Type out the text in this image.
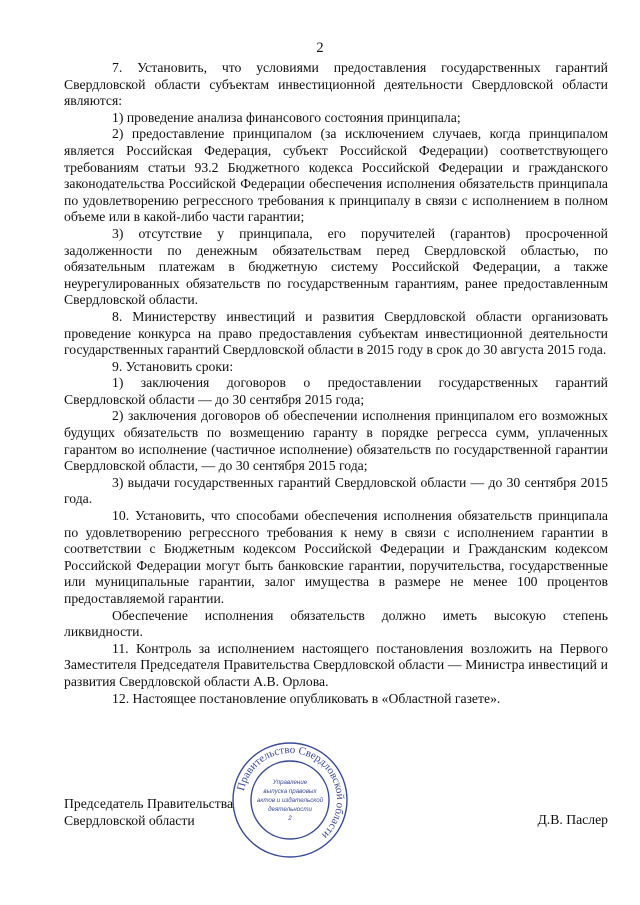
2

7. Установить, что условиями предоставления государственных гарантий Свердловской области субъектам инвестиционной деятельности Свердловской области являются:

1) проведение анализа финансового состояния принципала;

2) предоставление принципалом (за исключением случаев, когда принципалом является Российская Федерация, субъект Российской Федерации) соответствующего требованиям статьи 93.2 Бюджетного кодекса Российской Федерации и гражданского законодательства Российской Федерации обеспечения исполнения обязательств принципала по удовлетворению регрессного требования к принципалу в связи с исполнением в полном объеме или в какой-либо части гарантии;

3) отсутствие у принципала, его поручителей (гарантов) просроченной задолженности по денежным обязательствам перед Свердловской областью, по обязательным платежам в бюджетную систему Российской Федерации, а также неурегулированных обязательств по государственным гарантиям, ранее предоставленным Свердловской области.

8. Министерству инвестиций и развития Свердловской области организовать проведение конкурса на право предоставления субъектам инвестиционной деятельности государственных гарантий Свердловской области в 2015 году в срок до 30 августа 2015 года.

9. Установить сроки:

1) заключения договоров о предоставлении государственных гарантий Свердловской области — до 30 сентября 2015 года;

2) заключения договоров об обеспечении исполнения принципалом его возможных будущих обязательств по возмещению гаранту в порядке регресса сумм, уплаченных гарантом во исполнение (частичное исполнение) обязательств по государственной гарантии Свердловской области, — до 30 сентября 2015 года;

3) выдачи государственных гарантий Свердловской области — до 30 сентября 2015 года.

10. Установить, что способами обеспечения исполнения обязательств принципала по удовлетворению регрессного требования к нему в связи с исполнением гарантии в соответствии с Бюджетным кодексом Российской Федерации и Гражданским кодексом Российской Федерации могут быть банковские гарантии, поручительства, государственные или муниципальные гарантии, залог имущества в размере не менее 100 процентов предоставляемой гарантии.

Обеспечение исполнения обязательств должно иметь высокую степень ликвидности.

11. Контроль за исполнением настоящего постановления возложить на Первого Заместителя Председателя Правительства Свердловской области — Министра инвестиций и развития Свердловской области А.В. Орлова.

12. Настоящее постановление опубликовать в «Областной газете».

Правительство Свердловской области
Управление
выпуска правовых
актов и издательской
деятельности
2
Председатель Правительства
Свердловской области	Д.В. Паслер
